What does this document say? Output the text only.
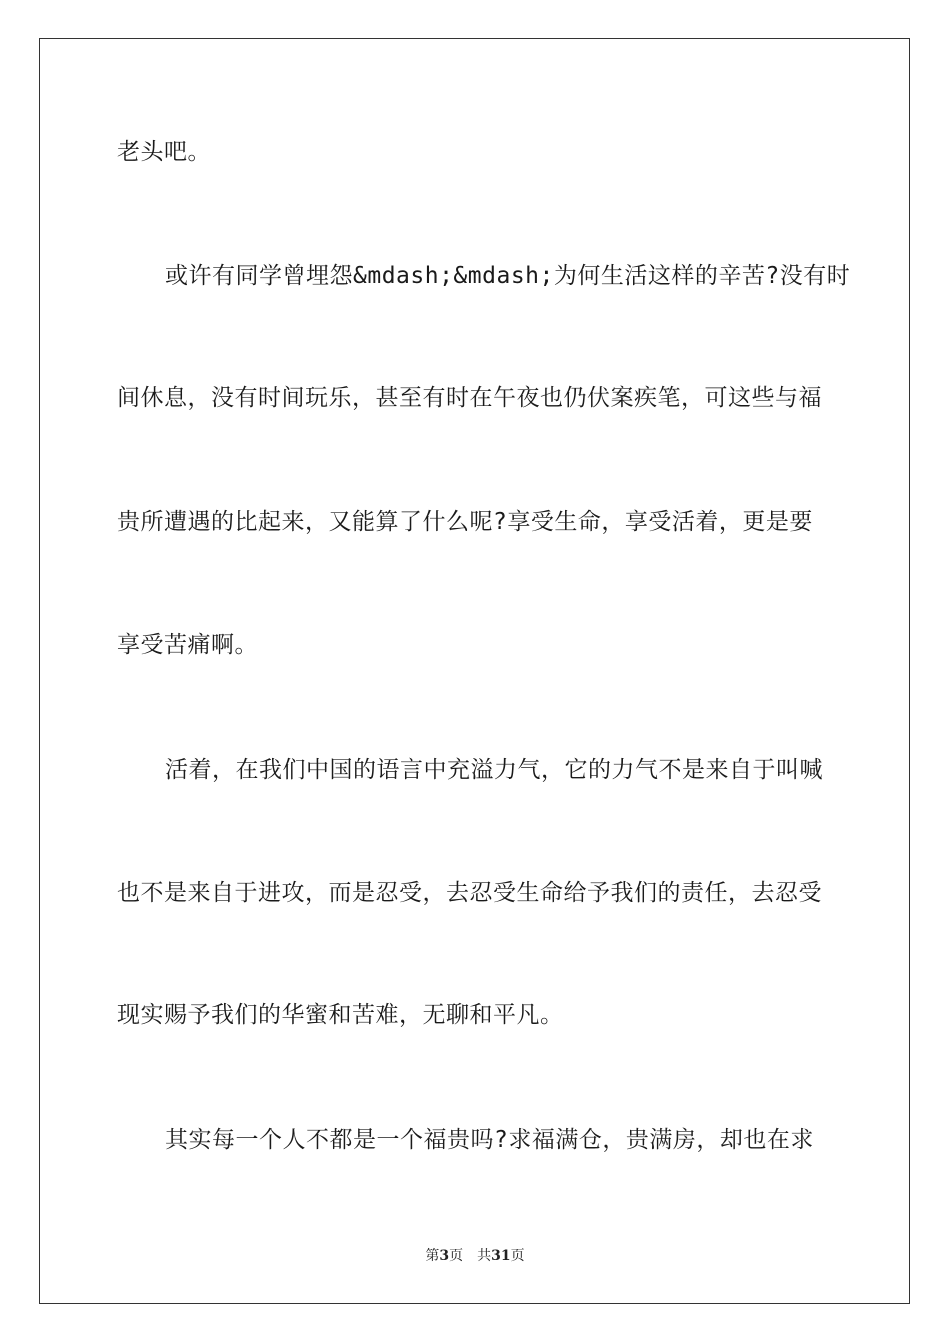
老头吧。
或许有同学曾埋怨&mdash;&mdash;为何生活这样的辛苦?没有时
间休息，没有时间玩乐，甚至有时在午夜也仍伏案疾笔，可这些与福
贵所遭遇的比起来，又能算了什么呢?享受生命，享受活着，更是要
享受苦痛啊。
活着，在我们中国的语言中充溢力气，它的力气不是来自于叫喊
也不是来自于进攻，而是忍受，去忍受生命给予我们的责任，去忍受
现实赐予我们的华蜜和苦难，无聊和平凡。
其实每一个人不都是一个福贵吗?求福满仓，贵满房，却也在求
第3页 共31页
